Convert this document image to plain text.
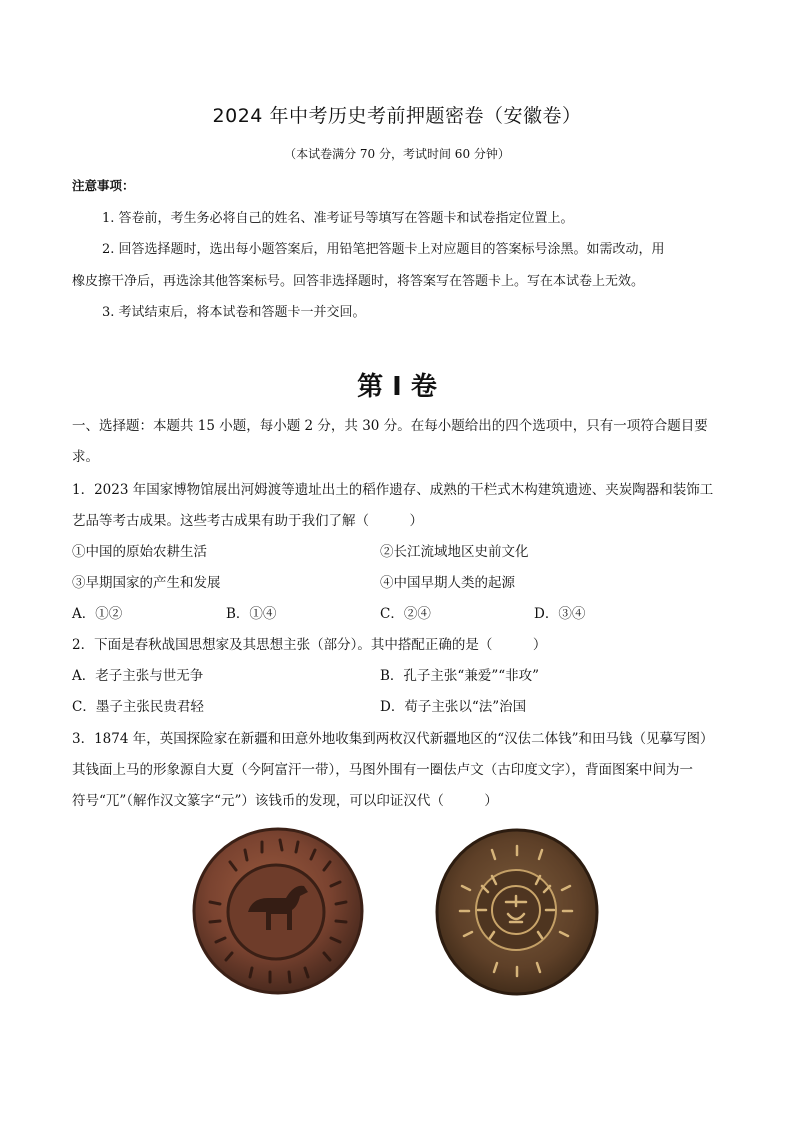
2024 年中考历史考前押题密卷（安徽卷）
（本试卷满分 70 分，考试时间 60 分钟）
注意事项：
1. 答卷前，考生务必将自己的姓名、准考证号等填写在答题卡和试卷指定位置上。
2. 回答选择题时，选出每小题答案后，用铅笔把答题卡上对应题目的答案标号涂黑。如需改动，用
橡皮擦干净后，再选涂其他答案标号。回答非选择题时，将答案写在答题卡上。写在本试卷上无效。
3. 考试结束后，将本试卷和答题卡一并交回。
第 I 卷
一、选择题：本题共 15 小题，每小题 2 分，共 30 分。在每小题给出的四个选项中，只有一项符合题目要
求。
1．2023 年国家博物馆展出河姆渡等遗址出土的稻作遗存、成熟的干栏式木构建筑遗迹、夹炭陶器和装饰工
艺品等考古成果。这些考古成果有助于我们了解（　　　）
①中国的原始农耕生活	②长江流域地区史前文化
③早期国家的产生和发展	④中国早期人类的起源
A．①②	B．①④	C．②④	D．③④
2．下面是春秋战国思想家及其思想主张（部分）。其中搭配正确的是（　　　）
A．老子主张与世无争	B．孔子主张“兼爱”“非攻”
C．墨子主张民贵君轻	D．荀子主张以“法”治国
3．1874 年，英国探险家在新疆和田意外地收集到两枚汉代新疆地区的“汉佉二体钱”和田马钱（见摹写图）
其钱面上马的形象源自大夏（今阿富汗一带），马图外围有一圈佉卢文（古印度文字），背面图案中间为一
符号“兀”（解作汉文篆字“元”）该钱币的发现，可以印证汉代（　　　）
